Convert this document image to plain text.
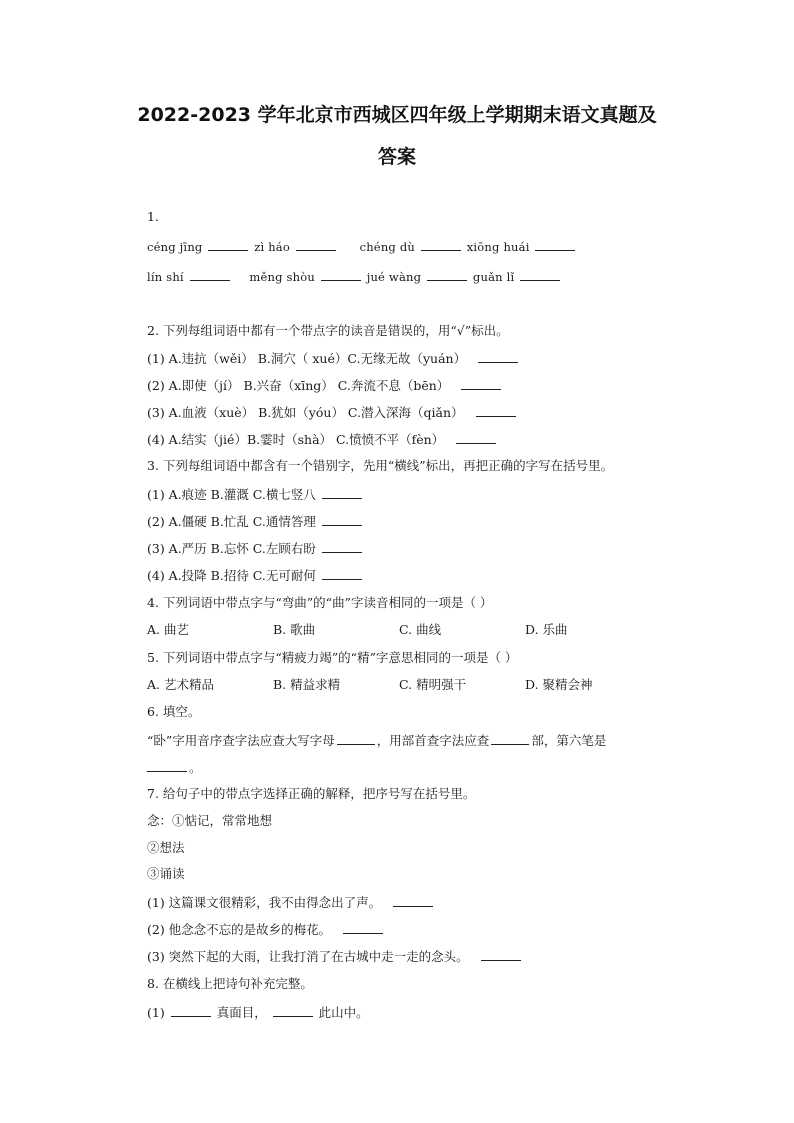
2022-2023 学年北京市西城区四年级上学期期末语文真题及
答案
1.
céng jīng	zì háo	chéng dù	xiōng huái
lín shí	měng shòu	jué wàng	guǎn lǐ
2. 下列每组词语中都有一个带点字的读音是错误的，用“√”标出。
(1) A.违抗（wěi） B.洞穴（ xué）C.无缘无故（yuán）
(2) A.即使（jí） B.兴奋（xīng） C.奔流不息（bēn）
(3) A.血液（xuè） B.犹如（yóu） C.潜入深海（qiǎn）
(4) A.结实（jié）B.霎时（shà） C.愤愤不平（fèn）
3. 下列每组词语中都含有一个错别字，先用“横线”标出，再把正确的字写在括号里。
(1) A.痕迹 B.灌溉 C.横七竖八
(2) A.僵硬 B.忙乱 C.通情答理
(3) A.严历 B.忘怀 C.左顾右盼
(4) A.投降 B.招待 C.无可耐何
4. 下列词语中带点字与“弯曲”的“曲”字读音相同的一项是（ ）
A. 曲艺	B. 歌曲	C. 曲线	D. 乐曲
5. 下列词语中带点字与“精疲力竭”的“精”字意思相同的一项是（ ）
A. 艺术精品	B. 精益求精	C. 精明强干	D. 聚精会神
6. 填空。
“卧”字用音序查字法应查大写字母	，用部首查字法应查	部，第六笔是
。
7. 给句子中的带点字选择正确的解释，把序号写在括号里。
念：①惦记，常常地想
②想法
③诵读
(1) 这篇课文很精彩，我不由得念出了声。
(2) 他念念不忘的是故乡的梅花。
(3) 突然下起的大雨，让我打消了在古城中走一走的念头。
8. 在横线上把诗句补充完整。
(1)	真面目，	此山中。
